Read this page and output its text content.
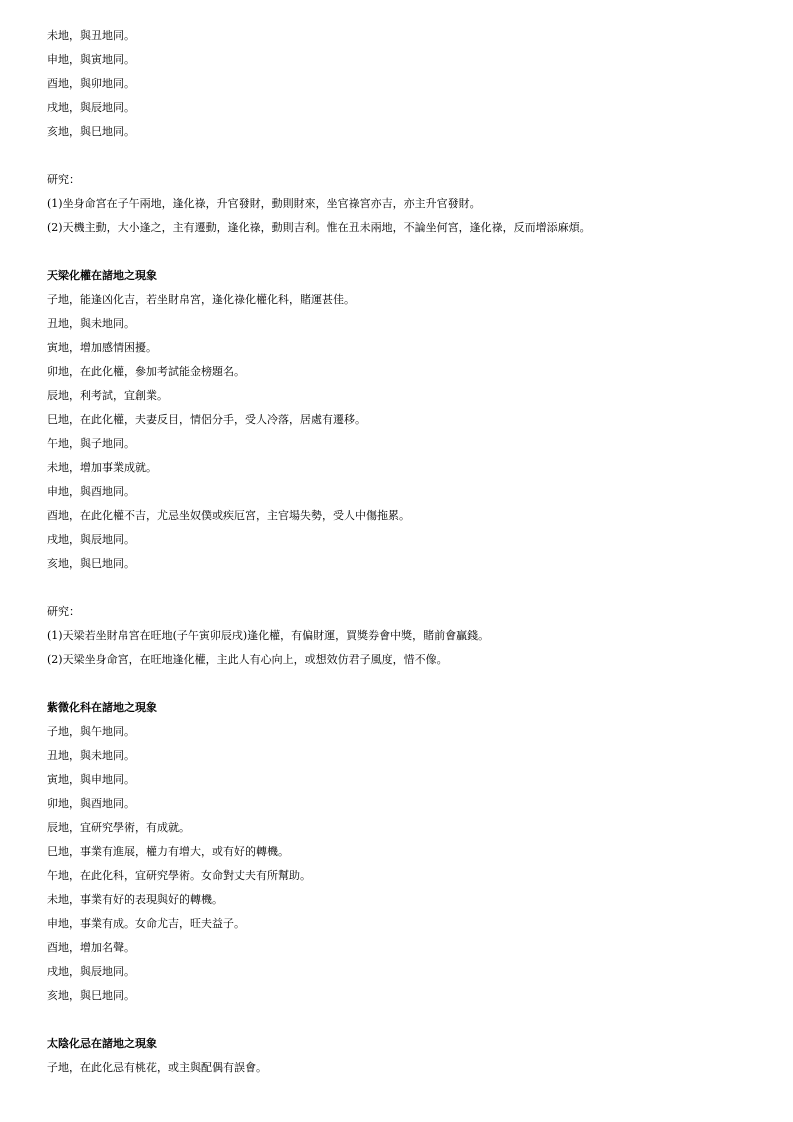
未地，與丑地同。
申地，與寅地同。
酉地，與卯地同。
戌地，與辰地同。
亥地，與巳地同。
研究：
(1)坐身命宮在子午兩地，逢化祿，升官發財，動則財來，坐官祿宮亦吉，亦主升官發財。
(2)天機主動，大小逢之，主有遷動，逢化祿，動則吉利。惟在丑未兩地，不論坐何宮，逢化祿，反而增添麻煩。
天梁化權在諸地之現象
子地，能逢凶化吉，若坐財帛宮，逢化祿化權化科，賭運甚佳。
丑地，與未地同。
寅地，增加感情困擾。
卯地，在此化權，參加考試能金榜題名。
辰地，利考試，宜創業。
巳地，在此化權，夫妻反目，情侶分手，受人冷落，居處有遷移。
午地，與子地同。
未地，增加事業成就。
申地，與酉地同。
酉地，在此化權不吉，尤忌坐奴僕或疾厄宮，主官場失勢，受人中傷拖累。
戌地，與辰地同。
亥地，與巳地同。
研究：
(1)天梁若坐財帛宮在旺地(子午寅卯辰戌)逢化權，有偏財運，買獎券會中獎，賭前會贏錢。
(2)天梁坐身命宮，在旺地逢化權，主此人有心向上，或想效仿君子風度，惜不像。
紫微化科在諸地之現象
子地，與午地同。
丑地，與未地同。
寅地，與申地同。
卯地，與酉地同。
辰地，宜研究學術，有成就。
巳地，事業有進展，權力有增大，或有好的轉機。
午地，在此化科，宜研究學術。女命對丈夫有所幫助。
未地，事業有好的表現與好的轉機。
申地，事業有成。女命尤吉，旺夫益子。
酉地，增加名聲。
戌地，與辰地同。
亥地，與巳地同。
太陰化忌在諸地之現象
子地，在此化忌有桃花，或主與配偶有誤會。
